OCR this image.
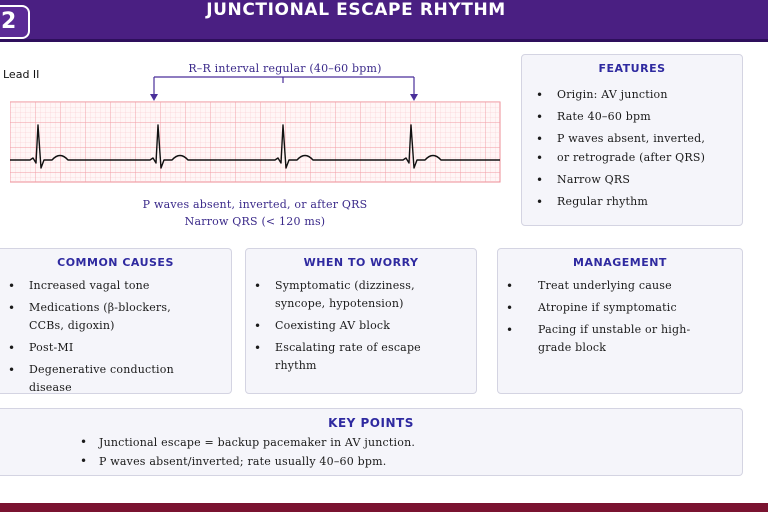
2	JUNCTIONAL ESCAPE RHYTHM
Lead II	R–R interval regular (40–60 bpm)
P waves absent, inverted, or after QRS
Narrow QRS (< 120 ms)
FEATURES
• Origin: AV junction
• Rate 40–60 bpm
• P waves absent, inverted,
• or retrograde (after QRS)
• Narrow QRS
• Regular rhythm
COMMON CAUSES
• Increased vagal tone
• Medications (β-blockers, CCBs, digoxin)
• Post-MI
• Degenerative conduction disease
WHEN TO WORRY
• Symptomatic (dizziness, syncope, hypotension)
• Coexisting AV block
• Escalating rate of escape rhythm
MANAGEMENT
• Treat underlying cause
• Atropine if symptomatic
• Pacing if unstable or high-grade block
KEY POINTS
• Junctional escape = backup pacemaker in AV junction.
• P waves absent/inverted; rate usually 40–60 bpm.
